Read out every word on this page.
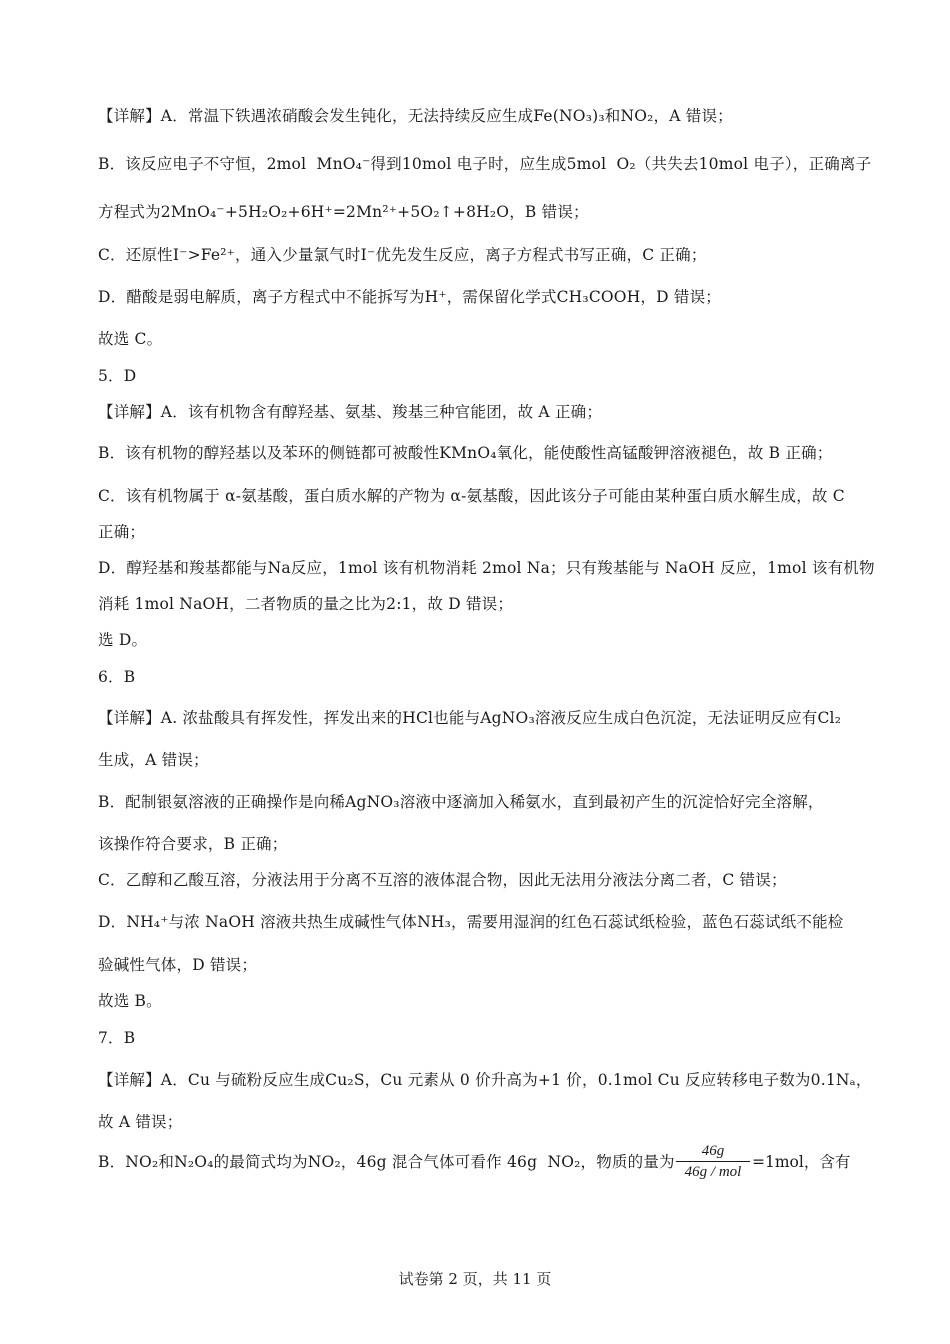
【详解】A．常温下铁遇浓硝酸会发生钝化，无法持续反应生成Fe(NO₃)₃和NO₂，A 错误；
B．该反应电子不守恒，2mol  MnO₄⁻得到10mol 电子时，应生成5mol  O₂（共失去10mol 电子），正确离子
方程式为2MnO₄⁻+5H₂O₂+6H⁺=2Mn²⁺+5O₂↑+8H₂O，B 错误；
C．还原性I⁻>Fe²⁺，通入少量氯气时I⁻优先发生反应，离子方程式书写正确，C 正确；
D．醋酸是弱电解质，离子方程式中不能拆写为H⁺，需保留化学式CH₃COOH，D 错误；
故选 C。
5．D
【详解】A．该有机物含有醇羟基、氨基、羧基三种官能团，故 A 正确；
B．该有机物的醇羟基以及苯环的侧链都可被酸性KMnO₄氧化，能使酸性高锰酸钾溶液褪色，故 B 正确；
C．该有机物属于 α-氨基酸，蛋白质水解的产物为 α-氨基酸，因此该分子可能由某种蛋白质水解生成，故 C
正确；
D．醇羟基和羧基都能与Na反应，1mol 该有机物消耗 2mol Na；只有羧基能与 NaOH 反应，1mol 该有机物
消耗 1mol NaOH，二者物质的量之比为2:1，故 D 错误；
选 D。
6．B
【详解】A. 浓盐酸具有挥发性，挥发出来的HCl也能与AgNO₃溶液反应生成白色沉淀，无法证明反应有Cl₂
生成，A 错误；
B．配制银氨溶液的正确操作是向稀AgNO₃溶液中逐滴加入稀氨水，直到最初产生的沉淀恰好完全溶解，
该操作符合要求，B 正确；
C．乙醇和乙酸互溶，分液法用于分离不互溶的液体混合物，因此无法用分液法分离二者，C 错误；
D．NH₄⁺与浓 NaOH 溶液共热生成碱性气体NH₃，需要用湿润的红色石蕊试纸检验，蓝色石蕊试纸不能检
验碱性气体，D 错误；
故选 B。
7．B
【详解】A．Cu 与硫粉反应生成Cu₂S，Cu 元素从 0 价升高为+1 价，0.1mol Cu 反应转移电子数为0.1Nₐ，
故 A 错误；
B．NO₂和N₂O₄的最简式均为NO₂，46g 混合气体可看作 46g  NO₂，物质的量为
46g
46g / mol
=1mol，含有
试卷第 2 页，共 11 页
